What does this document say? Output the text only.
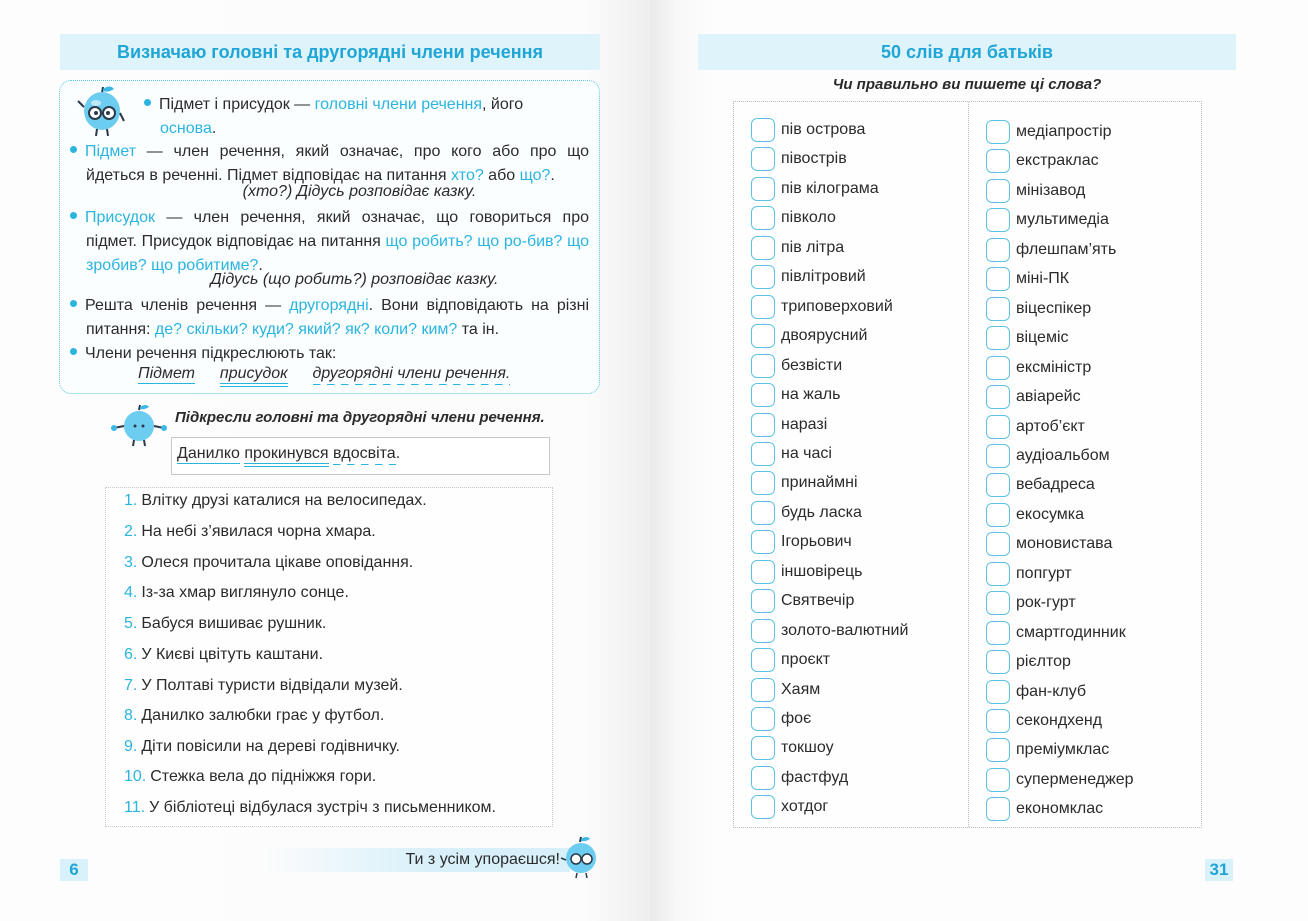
Визначаю головні та другорядні члени речення
Підмет і присудок — головні члени речення, його
основа.
Підмет — член речення, який означає, про кого або про що йдеться в реченні. Підмет відповідає на питання хто? або що?.
(хто?) Дідусь розповідає казку.
Присудок — член речення, який означає, що говориться про підмет. Присудок відповідає на питання що робить? що ро-бив? що зробив? що робитиме?.
Дідусь (що робить?) розповідає казку.
Решта членів речення — другорядні. Вони відповідають на різні питання: де? скільки? куди? який? як? коли? ким? та ін.
Члени речення підкреслюють так:
Підмет присудок другорядні члени речення.
Підкресли головні та другорядні члени речення.
Данилко прокинувся вдосвіта.
1. Влітку друзі каталися на велосипедах.
2. На небі з’явилася чорна хмара.
3. Олеся прочитала цікаве оповідання.
4. Із-за хмар виглянуло сонце.
5. Бабуся вишиває рушник.
6. У Києві цвітуть каштани.
7. У Полтаві туристи відвідали музей.
8. Данилко залюбки грає у футбол.
9. Діти повісили на дереві годівничку.
10. Стежка вела до підніжжя гори.
11. У бібліотеці відбулася зустріч з письменником.
6
Ти з усім упораєшся!
50 слів для батьків
Чи правильно ви пишете ці слова?
пів острова
півострів
пів кілограма
півколо
пів літра
півлітровий
триповерховий
двоярусний
безвісти
на жаль
наразі
на часі
принаймні
будь ласка
Ігорьович
іншовірець
Святвечір
золото-валютний
проєкт
Хаям
фоє
токшоу
фастфуд
хотдог
медіапростір
екстраклас
мінізавод
мультимедіа
флешпам’ять
міні-ПК
віцеспікер
віцеміс
ексміністр
авіарейс
артоб’єкт
аудіоальбом
вебадреса
екосумка
моновистава
попгурт
рок-гурт
смартгодинник
рієлтор
фан-клуб
секондхенд
преміумклас
суперменеджер
економклас
31
